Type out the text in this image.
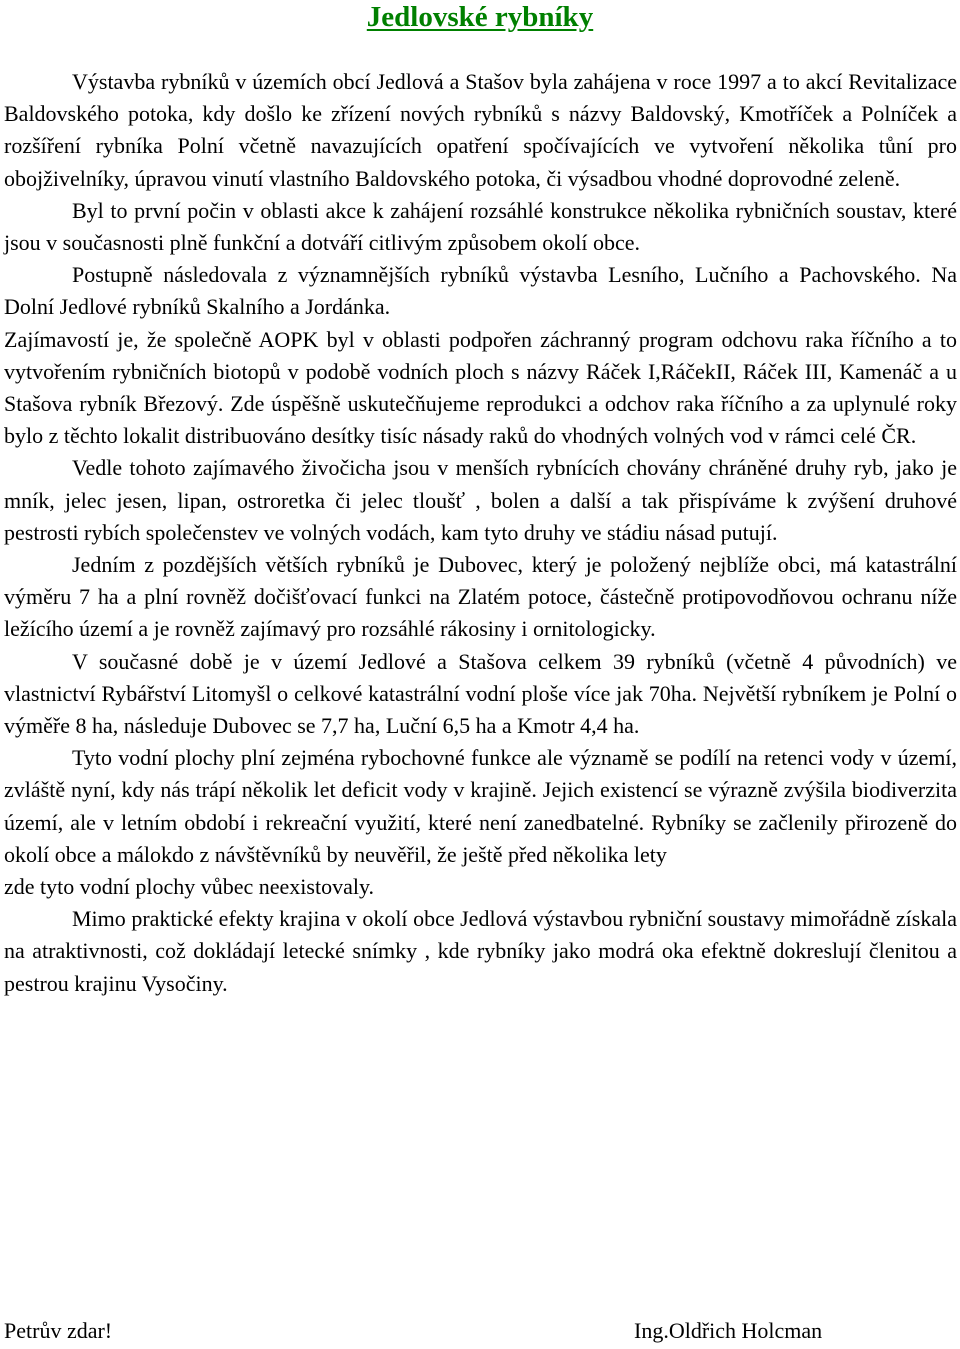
Jedlovské rybníky

Výstavba rybníků v územích obcí Jedlová a Stašov byla zahájena v roce 1997 a to akcí Revitalizace Baldovského potoka, kdy došlo ke zřízení nových rybníků s názvy Baldovský, Kmotříček a Polníček a rozšíření rybníka Polní včetně navazujících opatření spočívajících ve vytvoření několika tůní pro obojživelníky, úpravou vinutí vlastního Baldovského potoka, či výsadbou vhodné doprovodné zeleně.

Byl to první počin v oblasti akce k zahájení rozsáhlé konstrukce několika rybničních soustav, které jsou v současnosti plně funkční a dotváří citlivým způsobem okolí obce.

Postupně následovala z významnějších rybníků výstavba Lesního, Lučního a Pachovského. Na Dolní Jedlové rybníků Skalního a Jordánka.

Zajímavostí je, že společně AOPK byl v oblasti podpořen záchranný program odchovu raka říčního a to vytvořením rybničních biotopů v podobě vodních ploch s názvy Ráček I,RáčekII, Ráček III, Kamenáč a u Stašova rybník Březový. Zde úspěšně uskutečňujeme reprodukci a odchov raka říčního a za uplynulé roky bylo z těchto lokalit distribuováno desítky tisíc násady raků do vhodných volných vod v rámci celé ČR.

Vedle tohoto zajímavého živočicha jsou v menších rybnících chovány chráněné druhy ryb, jako je mník, jelec jesen, lipan, ostroretka či jelec tloušť , bolen a další a tak přispíváme k zvýšení druhové pestrosti rybích společenstev ve volných vodách, kam tyto druhy ve stádiu násad putují.

Jedním z pozdějších větších rybníků je Dubovec, který je položený nejblíže obci, má katastrální výměru 7 ha a plní rovněž dočišťovací funkci na Zlatém potoce, částečně protipovodňovou ochranu níže ležícího území a je rovněž zajímavý pro rozsáhlé rákosiny i ornitologicky.

V současné době je v území Jedlové a Stašova celkem 39 rybníků (včetně 4 původních) ve vlastnictví Rybářství Litomyšl o celkové katastrální vodní ploše více jak 70ha. Největší rybníkem je Polní o výměře 8 ha, následuje Dubovec se 7,7 ha, Luční 6,5 ha a Kmotr 4,4 ha.

Tyto vodní plochy plní zejména rybochovné funkce ale významě se podílí na retenci vody v území, zvláště nyní, kdy nás trápí několik let deficit vody v krajině. Jejich existencí se výrazně zvýšila biodiverzita území, ale v letním období i rekreační využití, které není zanedbatelné. Rybníky se začlenily přirozeně do okolí obce a málokdo z návštěvníků by neuvěřil, že ještě před několika lety

zde tyto vodní plochy vůbec neexistovaly.

Mimo praktické efekty krajina v okolí obce Jedlová výstavbou rybniční soustavy mimořádně získala na atraktivnosti, což dokládají letecké snímky , kde rybníky jako modrá oka efektně dokreslují členitou a pestrou krajinu Vysočiny.

Petrův zdar!	Ing.Oldřich Holcman
